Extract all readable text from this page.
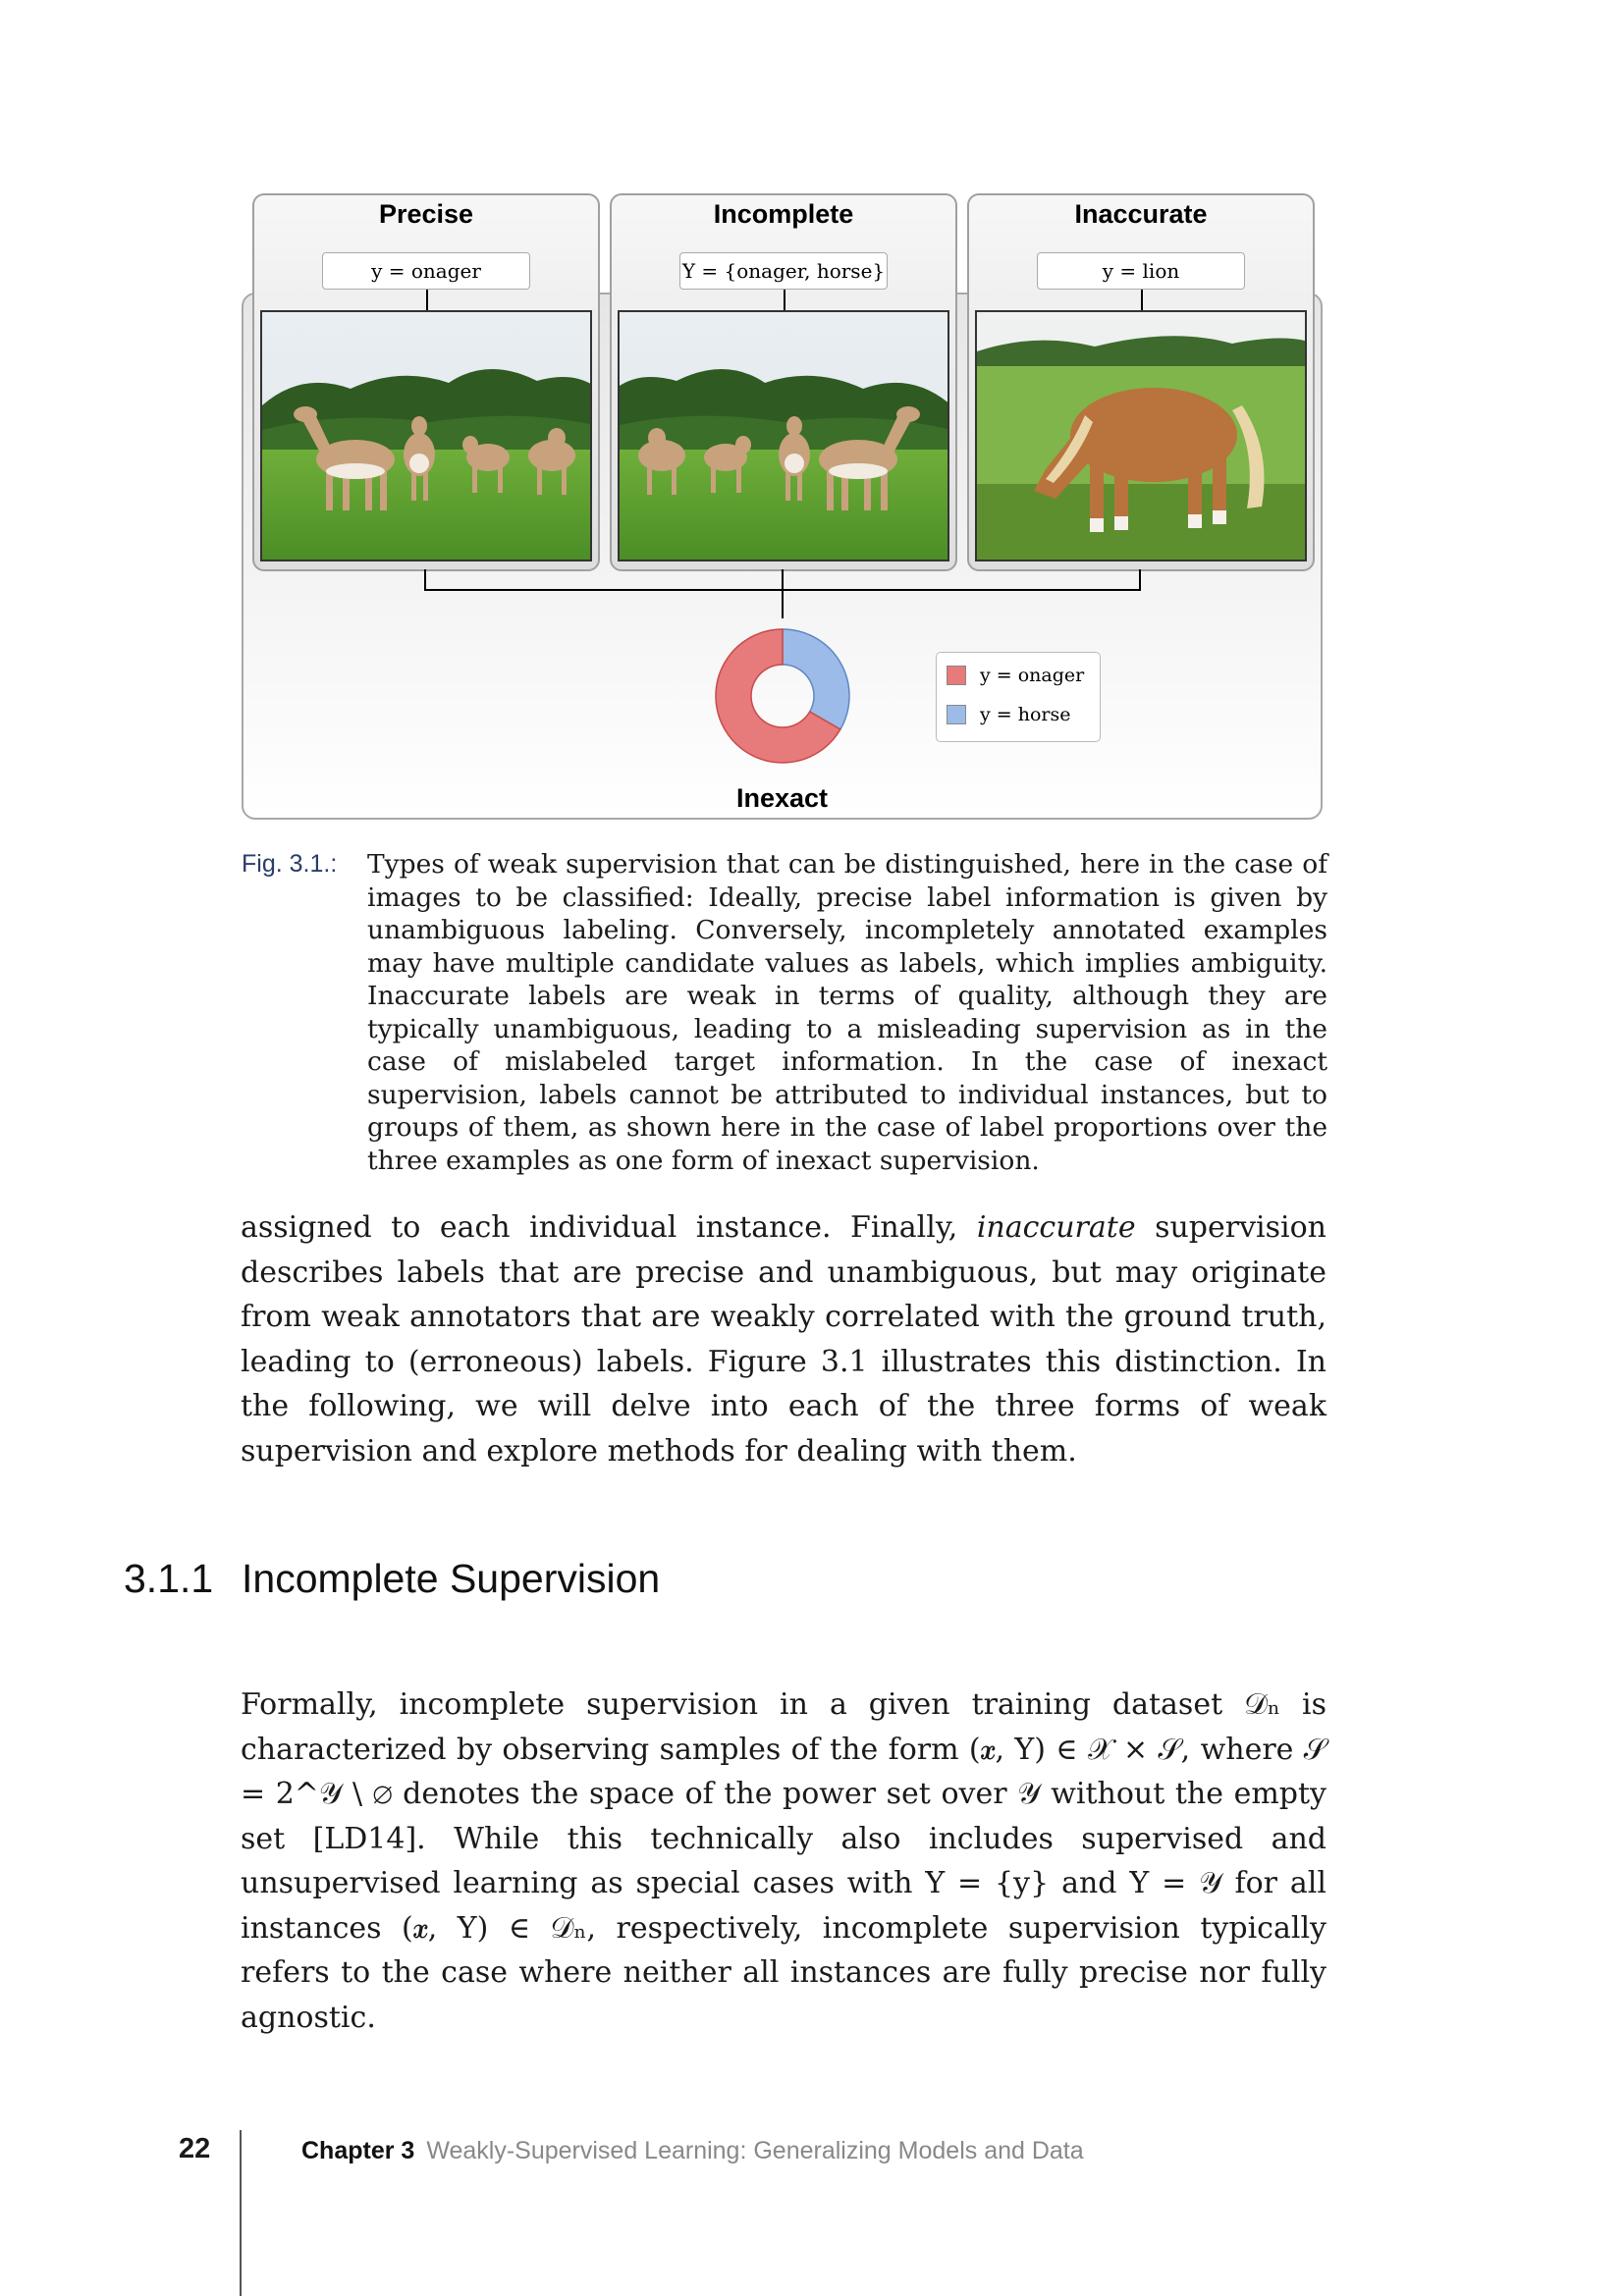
Precise
y = onager
Incomplete
Y = {onager, horse}
Inaccurate
y = lion
y = onager
y = horse
Inexact
Fig. 3.1.: Types of weak supervision that can be distinguished, here in the case of images to be classified: Ideally, precise label information is given by unambiguous labeling. Conversely, incompletely annotated examples may have multiple candidate values as labels, which implies ambiguity. Inaccurate labels are weak in terms of quality, although they are typically unambiguous, leading to a misleading supervision as in the case of mislabeled target information. In the case of inexact supervision, labels cannot be attributed to individual instances, but to groups of them, as shown here in the case of label proportions over the three examples as one form of inexact supervision.

assigned to each individual instance. Finally, inaccurate supervision describes labels that are precise and unambiguous, but may originate from weak annotators that are weakly correlated with the ground truth, leading to (erroneous) labels. Figure 3.1 illustrates this distinction. In the following, we will delve into each of the three forms of weak supervision and explore methods for dealing with them.

3.1.1 Incomplete Supervision

Formally, incomplete supervision in a given training dataset 𝒟ₙ is characterized by observing samples of the form (𝒙, Y) ∈ 𝒳 × 𝒮, where 𝒮 = 2^𝒴 \ ∅ denotes the space of the power set over 𝒴 without the empty set [LD14]. While this technically also includes supervised and unsupervised learning as special cases with Y = {y} and Y = 𝒴 for all instances (𝒙, Y) ∈ 𝒟ₙ, respectively, incomplete supervision typically refers to the case where neither all instances are fully precise nor fully agnostic.

22	Chapter 3 Weakly-Supervised Learning: Generalizing Models and Data
